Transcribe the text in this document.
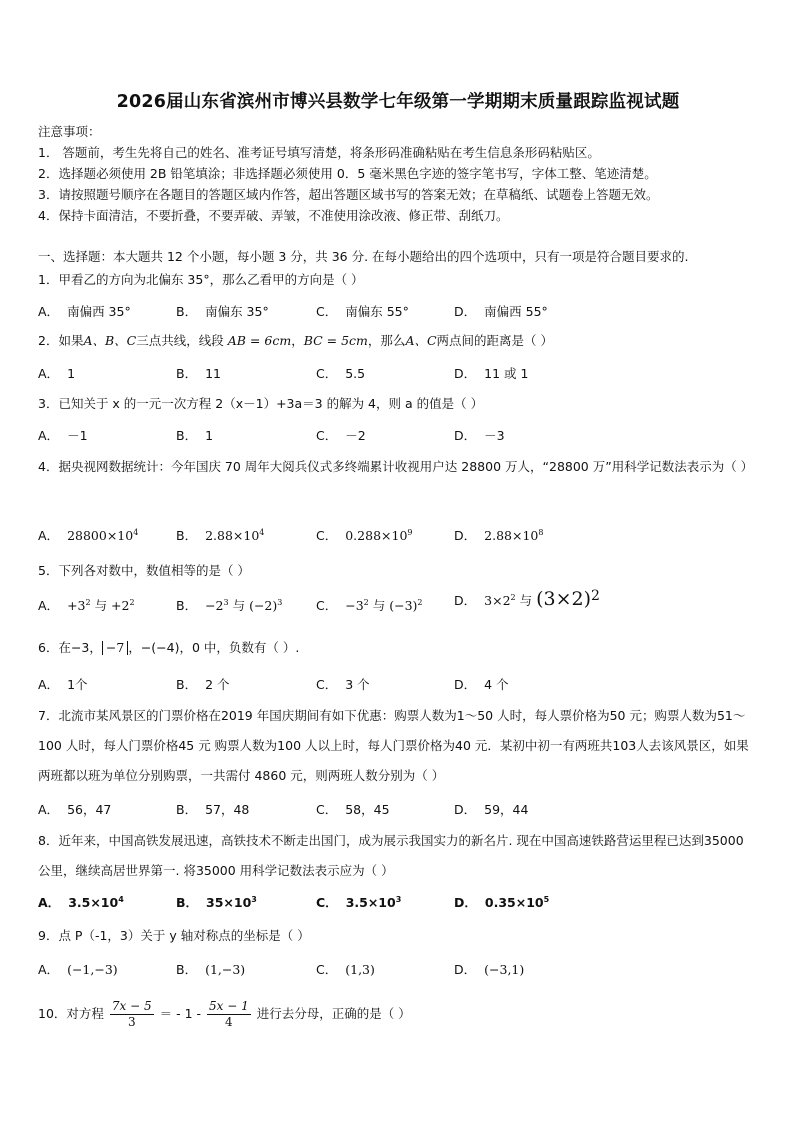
2026届山东省滨州市博兴县数学七年级第一学期期末质量跟踪监视试题
注意事项：
1． 答题前，考生先将自己的姓名、准考证号填写清楚，将条形码准确粘贴在考生信息条形码粘贴区。
2．选择题必须使用 2B 铅笔填涂；非选择题必须使用 0．5 毫米黑色字迹的签字笔书写，字体工整、笔迹清楚。
3．请按照题号顺序在各题目的答题区域内作答，超出答题区域书写的答案无效；在草稿纸、试题卷上答题无效。
4．保持卡面清洁，不要折叠，不要弄破、弄皱，不准使用涂改液、修正带、刮纸刀。
一、选择题：本大题共 12 个小题，每小题 3 分，共 36 分. 在每小题给出的四个选项中，只有一项是符合题目要求的.
1．甲看乙的方向为北偏东 35°，那么乙看甲的方向是（ ）
A． 南偏西 35°	B． 南偏东 35°	C． 南偏东 55°	D． 南偏西 55°
2．如果A、B、C三点共线，线段 AB = 6cm，BC = 5cm，那么A、C两点间的距离是（ ）
A． 1	B． 11	C． 5.5	D． 11 或 1
3．已知关于 x 的一元一次方程 2（x－1）+3a＝3 的解为 4，则 a 的值是（ ）
A． －1	B． 1	C． －2	D． －3
4．据央视网数据统计：今年国庆 70 周年大阅兵仪式多终端累计收视用户达 28800 万人，“28800 万”用科学记数法表示为（ ）
A． $28800\times 10^4$	B． $2.88\times 10^4$	C． $0.288\times 10^9$	D． $2.88\times 10^8$
5．下列各对数中，数值相等的是（ ）
A． $+3^2$ 与 $+2^2$	B． $-2^3$ 与 $(-2)^3$	C． $-3^2$ 与 $(-3)^2$	D． $3\times 2^2$ 与 $(3\times 2)^2$
6．在−3， −7 ，−(−4)，0 中，负数有（ ）.
A． 1个	B． 2 个	C． 3 个	D． 4 个
7．北流市某风景区的门票价格在2019 年国庆期间有如下优惠：购票人数为1～50 人时，每人票价格为50 元；购票人数为51～100 人时，每人门票价格45 元 购票人数为100 人以上时，每人门票价格为40 元．某初中初一有两班共103人去该风景区，如果两班都以班为单位分别购票，一共需付 4860 元，则两班人数分别为（ ）
A． 56，47	B． 57，48	C． 58，45	D． 59，44
8．近年来，中国高铁发展迅速，高铁技术不断走出国门，成为展示我国实力的新名片. 现在中国高速铁路营运里程已达到35000 公里，继续高居世界第一. 将35000 用科学记数法表示应为（ ）
A． $3.5\times 10^4$	B． $35\times 10^3$	C． $3.5\times 10^3$	D． $0.35\times 10^5$
9．点 P（-1，3）关于 y 轴对称点的坐标是（ ）
A． (−1,−3)	B． (1,−3)	C． (1,3)	D． (−3,1)
10．对方程 $\frac{7x - 5}{3}$ ＝ - $1 - \frac{5x - 1}{4}$ 进行去分母，正确的是（ ）
